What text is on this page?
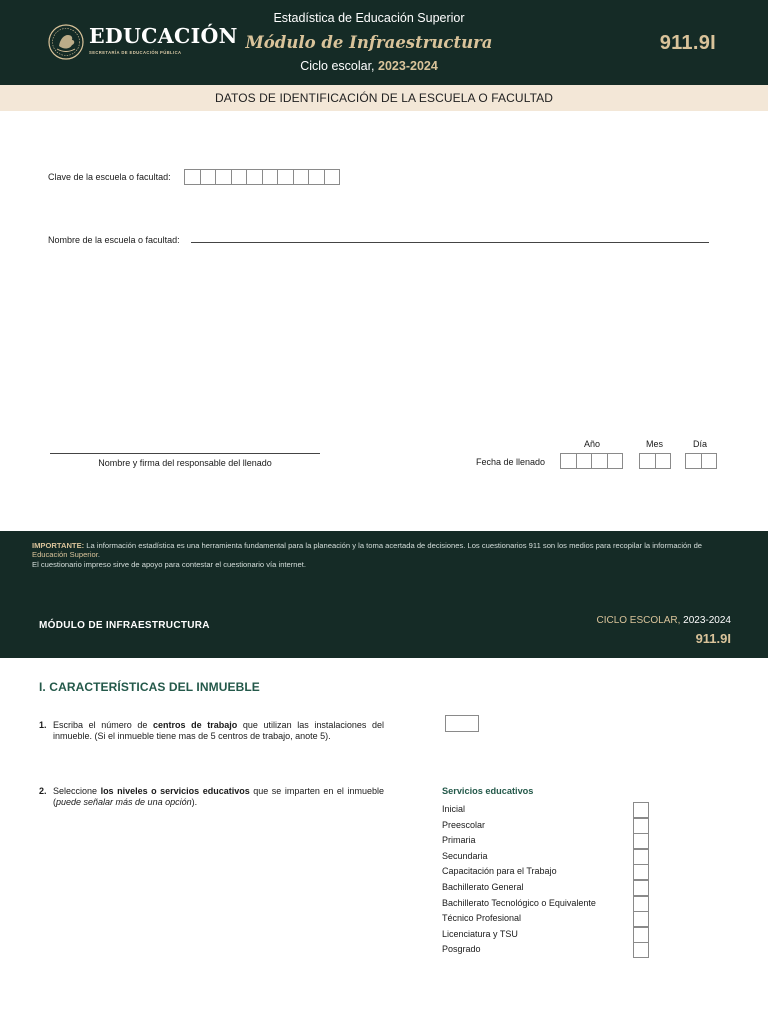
EDUCACIÓN
SECRETARÍA DE EDUCACIÓN PÚBLICA
Estadística de Educación Superior
Módulo de Infraestructura
Ciclo escolar, 2023-2024
911.9I
DATOS DE IDENTIFICACIÓN DE LA ESCUELA O FACULTAD
Clave de la escuela o facultad:
Nombre de la escuela o facultad:
Nombre y firma del responsable del llenado
Año	Mes	Día
Fecha de llenado
IMPORTANTE: La información estadística es una herramienta fundamental para la planeación y la toma acertada de decisiones. Los cuestionarios 911 son los medios para recopilar la información de Educación Superior.
El cuestionario impreso sirve de apoyo para contestar el cuestionario vía internet.
MÓDULO DE INFRAESTRUCTURA	CICLO ESCOLAR, 2023-2024
911.9I
I. CARACTERÍSTICAS DEL INMUEBLE
1. Escriba el número de centros de trabajo que utilizan las instalaciones del inmueble. (Si el inmueble tiene mas de 5 centros de trabajo, anote 5).
2. Seleccione los niveles o servicios educativos que se imparten en el inmueble (puede señalar más de una opción).
Servicios educativos
Inicial
Preescolar
Primaria
Secundaria
Capacitación para el Trabajo
Bachillerato General
Bachillerato Tecnológico o Equivalente
Técnico Profesional
Licenciatura y TSU
Posgrado
